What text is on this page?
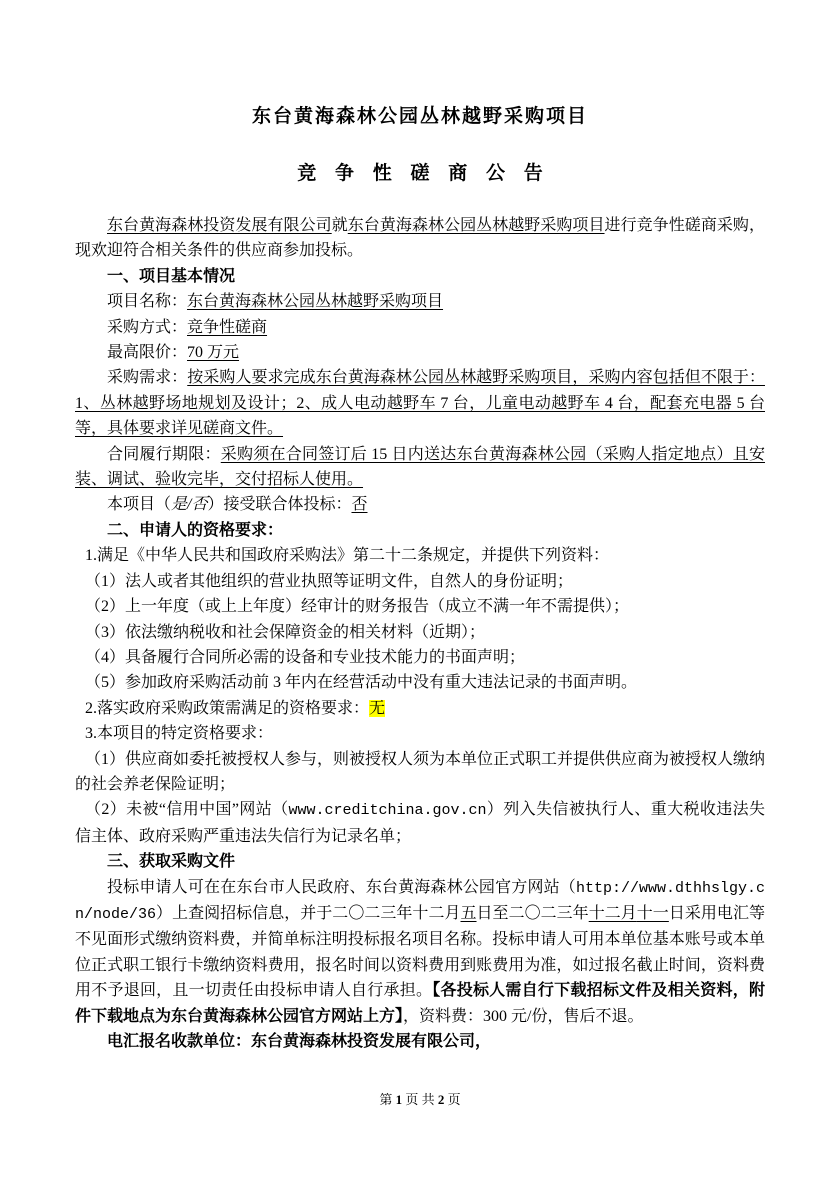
东台黄海森林公园丛林越野采购项目
竞 争 性 磋 商 公 告

东台黄海森林投资发展有限公司就东台黄海森林公园丛林越野采购项目进行竞争性磋商采购，现欢迎符合相关条件的供应商参加投标。

一、项目基本情况

项目名称：东台黄海森林公园丛林越野采购项目

采购方式：竞争性磋商

最高限价：70 万元

采购需求：按采购人要求完成东台黄海森林公园丛林越野采购项目，采购内容包括但不限于：1、丛林越野场地规划及设计；2、成人电动越野车 7 台，儿童电动越野车 4 台，配套充电器 5 台等，具体要求详见磋商文件。

合同履行期限：采购须在合同签订后 15 日内送达东台黄海森林公园（采购人指定地点）且安装、调试、验收完毕，交付招标人使用。

本项目（是/否）接受联合体投标：否

二、申请人的资格要求：

1.满足《中华人民共和国政府采购法》第二十二条规定，并提供下列资料：

（1）法人或者其他组织的营业执照等证明文件，自然人的身份证明；

（2）上一年度（或上上年度）经审计的财务报告（成立不满一年不需提供）；

（3）依法缴纳税收和社会保障资金的相关材料（近期）；

（4）具备履行合同所必需的设备和专业技术能力的书面声明；

（5）参加政府采购活动前 3 年内在经营活动中没有重大违法记录的书面声明。

2.落实政府采购政策需满足的资格要求：无

3.本项目的特定资格要求：

（1）供应商如委托被授权人参与，则被授权人须为本单位正式职工并提供供应商为被授权人缴纳的社会养老保险证明；

（2）未被“信用中国”网站（www.creditchina.gov.cn）列入失信被执行人、重大税收违法失信主体、政府采购严重违法失信行为记录名单；

三、获取采购文件

投标申请人可在在东台市人民政府、东台黄海森林公园官方网站（http://www.dthhslgy.cn/node/36）上查阅招标信息，并于二〇二三年十二月五日至二〇二三年十二月十一日采用电汇等不见面形式缴纳资料费，并简单标注明投标报名项目名称。投标申请人可用本单位基本账号或本单位正式职工银行卡缴纳资料费用，报名时间以资料费用到账费用为准，如过报名截止时间，资料费用不予退回，且一切责任由投标申请人自行承担。【各投标人需自行下载招标文件及相关资料，附件下载地点为东台黄海森林公园官方网站上方】，资料费：300 元/份，售后不退。

电汇报名收款单位：东台黄海森林投资发展有限公司，

第 1 页 共 2 页
